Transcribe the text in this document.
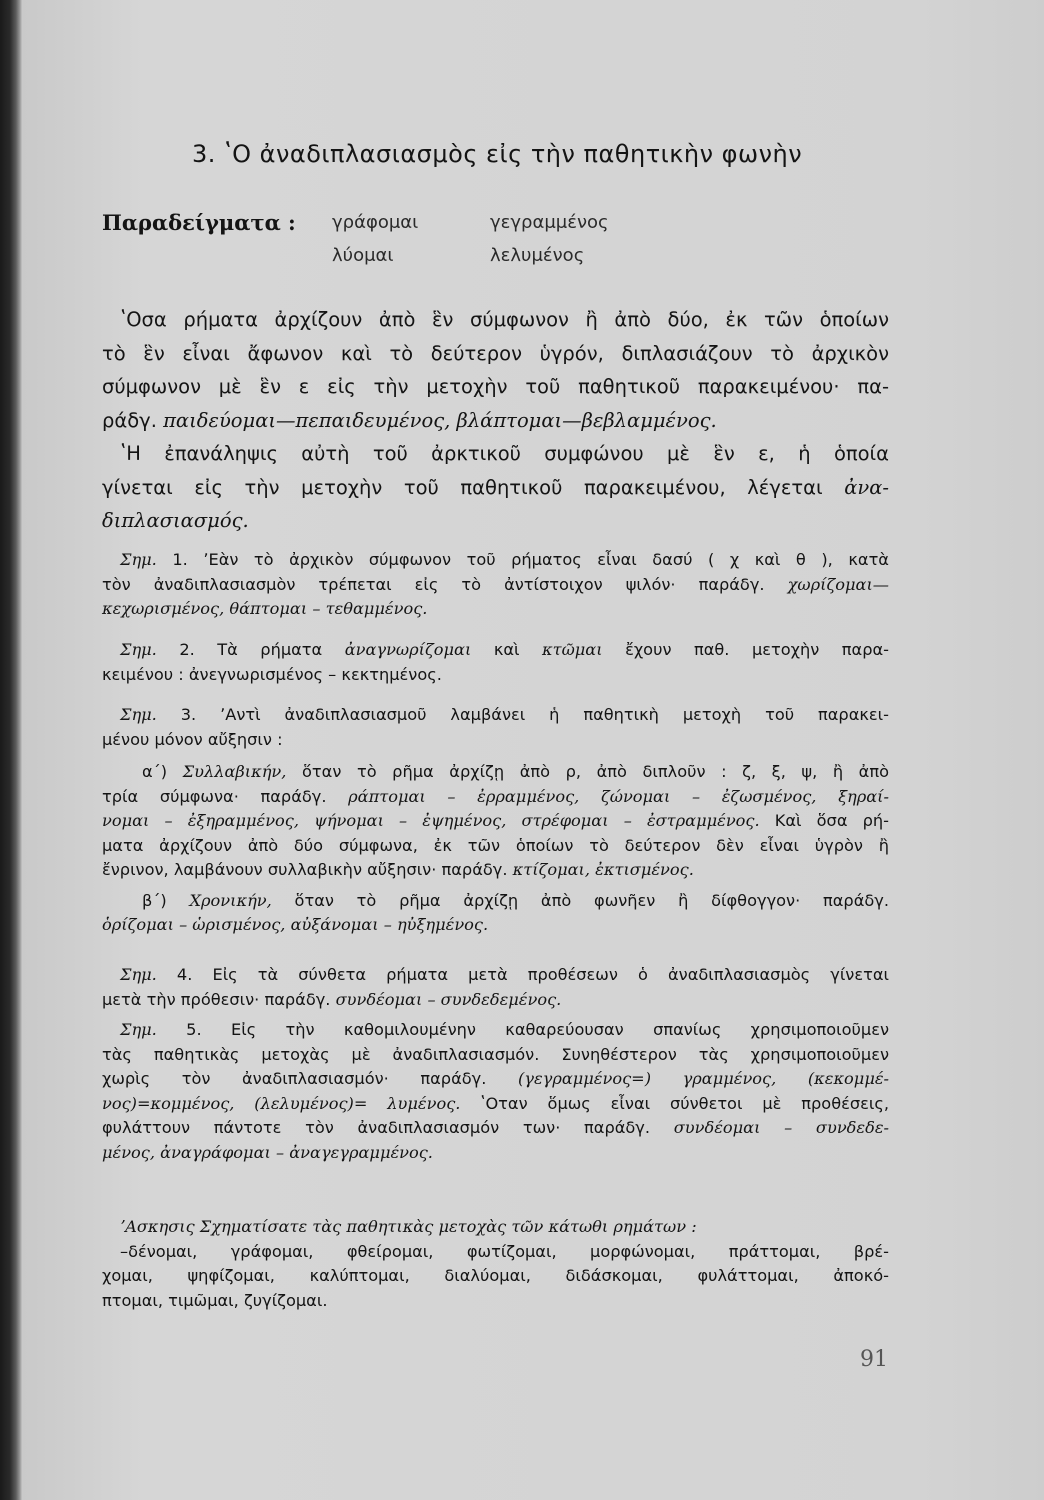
3. ʽΟ ἀναδιπλασιασμὸς εἰς τὴν παθητικὴν φωνὴν
Παραδείγματα : γράφομαι	γεγραμμένος
λύομαι	λελυμένος
ʽΟσα ρήματα ἀρχίζουν ἀπὸ ἓν σύμφωνον ἢ ἀπὸ δύο, ἐκ τῶν ὁποίων
τὸ ἓν εἶναι ἄφωνον καὶ τὸ δεύτερον ὑγρόν, διπλασιάζουν τὸ ἀρχικὸν
σύμφωνον μὲ ἓν ε εἰς τὴν μετοχὴν τοῦ παθητικοῦ παρακειμένου· πα-
ράδγ. παιδεύομαι—πεπαιδευμένος, βλάπτομαι—βεβλαμμένος.
ʽΗ ἐπανάληψις αὐτὴ τοῦ ἀρκτικοῦ συμφώνου μὲ ἓν ε, ἡ ὁποία
γίνεται εἰς τὴν μετοχὴν τοῦ παθητικοῦ παρακειμένου, λέγεται ἀνα-
διπλασιασμός.
Σημ. 1. ʼΕὰν τὸ ἀρχικὸν σύμφωνον τοῦ ρήματος εἶναι δασύ ( χ καὶ θ ), κατὰ
τὸν ἀναδιπλασιασμὸν τρέπεται εἰς τὸ ἀντίστοιχον ψιλόν· παράδγ. χωρίζομαι—
κεχωρισμένος, θάπτομαι – τεθαμμένος.
Σημ. 2. Τὰ ρήματα ἀναγνωρίζομαι καὶ κτῶμαι ἔχουν παθ. μετοχὴν παρα-
κειμένου : ἀνεγνωρισμένος – κεκτημένος.
Σημ. 3. ʼΑντὶ ἀναδιπλασιασμοῦ λαμβάνει ἡ παθητικὴ μετοχὴ τοῦ παρακει-
μένου μόνον αὔξησιν :
α΄) Συλλαβικήν, ὅταν τὸ ρῆμα ἀρχίζῃ ἀπὸ ρ, ἀπὸ διπλοῦν : ζ, ξ, ψ, ἢ ἀπὸ
τρία σύμφωνα· παράδγ. ράπτομαι – ἐρραμμένος, ζώνομαι – ἐζωσμένος, ξηραί-
νομαι – ἐξηραμμένος, ψήνομαι – ἐψημένος, στρέφομαι – ἐστραμμένος. Καὶ ὅσα ρή-
ματα ἀρχίζουν ἀπὸ δύο σύμφωνα, ἐκ τῶν ὁποίων τὸ δεύτερον δὲν εἶναι ὑγρὸν ἢ
ἔνρινον, λαμβάνουν συλλαβικὴν αὔξησιν· παράδγ. κτίζομαι, ἐκτισμένος.
β΄) Χρονικήν, ὅταν τὸ ρῆμα ἀρχίζῃ ἀπὸ φωνῆεν ἢ δίφθογγον· παράδγ.
ὁρίζομαι – ὡρισμένος, αὐξάνομαι – ηὐξημένος.
Σημ. 4. Εἰς τὰ σύνθετα ρήματα μετὰ προθέσεων ὁ ἀναδιπλασιασμὸς γίνεται
μετὰ τὴν πρόθεσιν· παράδγ. συνδέομαι – συνδεδεμένος.
Σημ. 5. Εἰς τὴν καθομιλουμένην καθαρεύουσαν σπανίως χρησιμοποιοῦμεν
τὰς παθητικὰς μετοχὰς μὲ ἀναδιπλασιασμόν. Συνηθέστερον τὰς χρησιμοποιοῦμεν
χωρὶς τὸν ἀναδιπλασιασμόν· παράδγ. (γεγραμμένος=) γραμμένος, (κεκομμέ-
νος)=κομμένος, (λελυμένος)= λυμένος. ʽΟταν ὅμως εἶναι σύνθετοι μὲ προθέσεις,
φυλάττουν πάντοτε τὸν ἀναδιπλασιασμόν των· παράδγ. συνδέομαι – συνδεδε-
μένος, ἀναγράφομαι – ἀναγεγραμμένος.
ʼΑσκησις Σχηματίσατε τὰς παθητικὰς μετοχὰς τῶν κάτωθι ρημάτων :
–δένομαι, γράφομαι, φθείρομαι, φωτίζομαι, μορφώνομαι, πράττομαι, βρέ-
χομαι, ψηφίζομαι, καλύπτομαι, διαλύομαι, διδάσκομαι, φυλάττομαι, ἀποκό-
πτομαι, τιμῶμαι, ζυγίζομαι.
91
